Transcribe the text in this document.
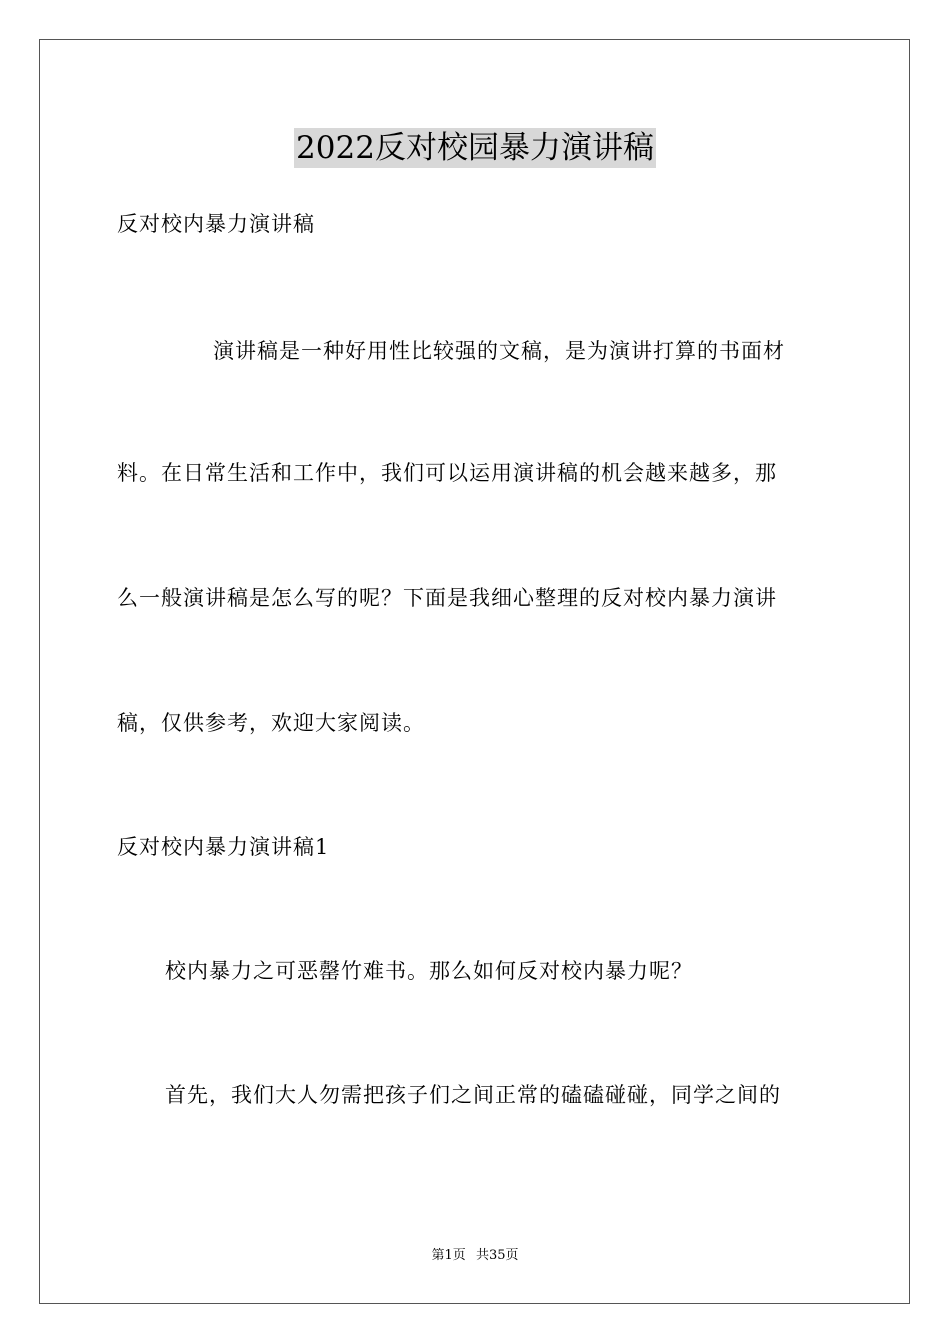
2022反对校园暴力演讲稿
反对校内暴力演讲稿
演讲稿是一种好用性比较强的文稿，是为演讲打算的书面材
料。在日常生活和工作中，我们可以运用演讲稿的机会越来越多，那
么一般演讲稿是怎么写的呢？下面是我细心整理的反对校内暴力演讲
稿，仅供参考，欢迎大家阅读。
反对校内暴力演讲稿1
校内暴力之可恶罄竹难书。那么如何反对校内暴力呢？
首先，我们大人勿需把孩子们之间正常的磕磕碰碰，同学之间的
第1页 共35页
